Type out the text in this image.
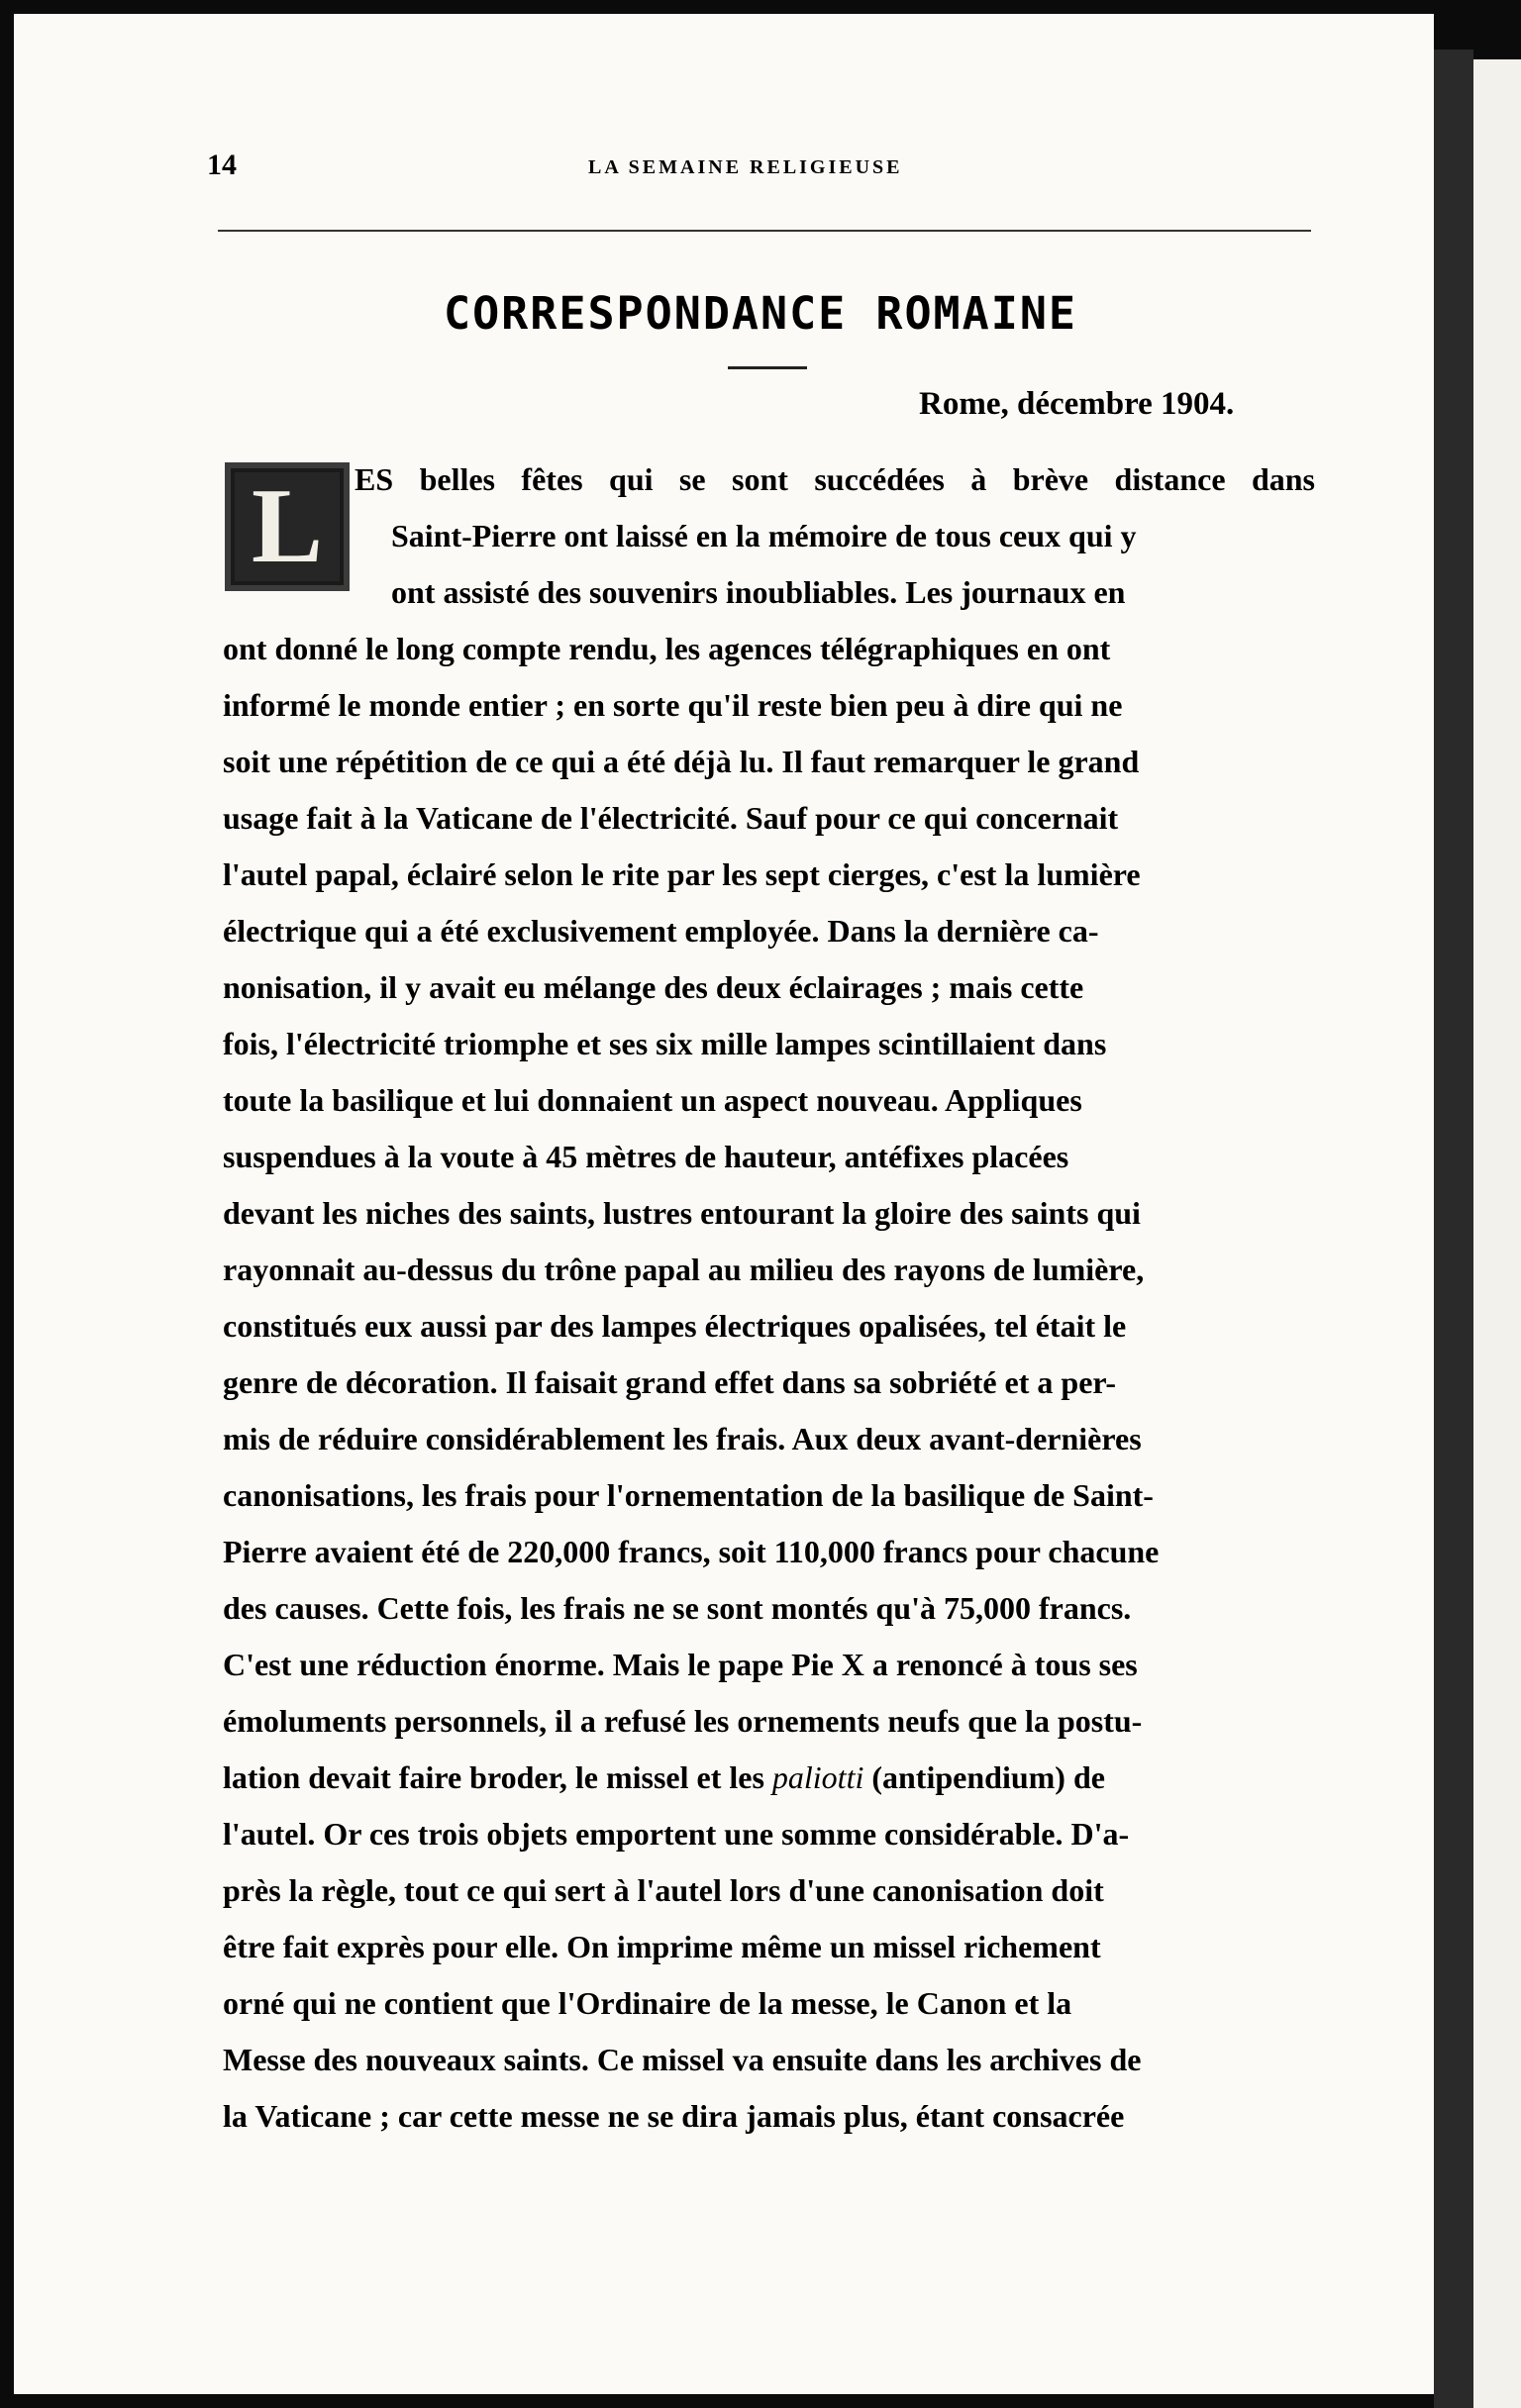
14	LA SEMAINE RELIGIEUSE
CORRESPONDANCE ROMAINE
Rome, décembre 1904.
L ES belles fêtes qui se sont succédées à brève distance dans
Saint-Pierre ont laissé en la mémoire de tous ceux qui y
ont assisté des souvenirs inoubliables. Les journaux en
ont donné le long compte rendu, les agences télégraphiques en ont
informé le monde entier ; en sorte qu'il reste bien peu à dire qui ne
soit une répétition de ce qui a été déjà lu. Il faut remarquer le grand
usage fait à la Vaticane de l'électricité. Sauf pour ce qui concernait
l'autel papal, éclairé selon le rite par les sept cierges, c'est la lumière
électrique qui a été exclusivement employée. Dans la dernière ca-
nonisation, il y avait eu mélange des deux éclairages ; mais cette
fois, l'électricité triomphe et ses six mille lampes scintillaient dans
toute la basilique et lui donnaient un aspect nouveau. Appliques
suspendues à la voute à 45 mètres de hauteur, antéfixes placées
devant les niches des saints, lustres entourant la gloire des saints qui
rayonnait au-dessus du trône papal au milieu des rayons de lumière,
constitués eux aussi par des lampes électriques opalisées, tel était le
genre de décoration. Il faisait grand effet dans sa sobriété et a per-
mis de réduire considérablement les frais. Aux deux avant-dernières
canonisations, les frais pour l'ornementation de la basilique de Saint-
Pierre avaient été de 220,000 francs, soit 110,000 francs pour chacune
des causes. Cette fois, les frais ne se sont montés qu'à 75,000 francs.
C'est une réduction énorme. Mais le pape Pie X a renoncé à tous ses
émoluments personnels, il a refusé les ornements neufs que la postu-
lation devait faire broder, le missel et les paliotti (antipendium) de
l'autel. Or ces trois objets emportent une somme considérable. D'a-
près la règle, tout ce qui sert à l'autel lors d'une canonisation doit
être fait exprès pour elle. On imprime même un missel richement
orné qui ne contient que l'Ordinaire de la messe, le Canon et la
Messe des nouveaux saints. Ce missel va ensuite dans les archives de
la Vaticane ; car cette messe ne se dira jamais plus, étant consacrée
